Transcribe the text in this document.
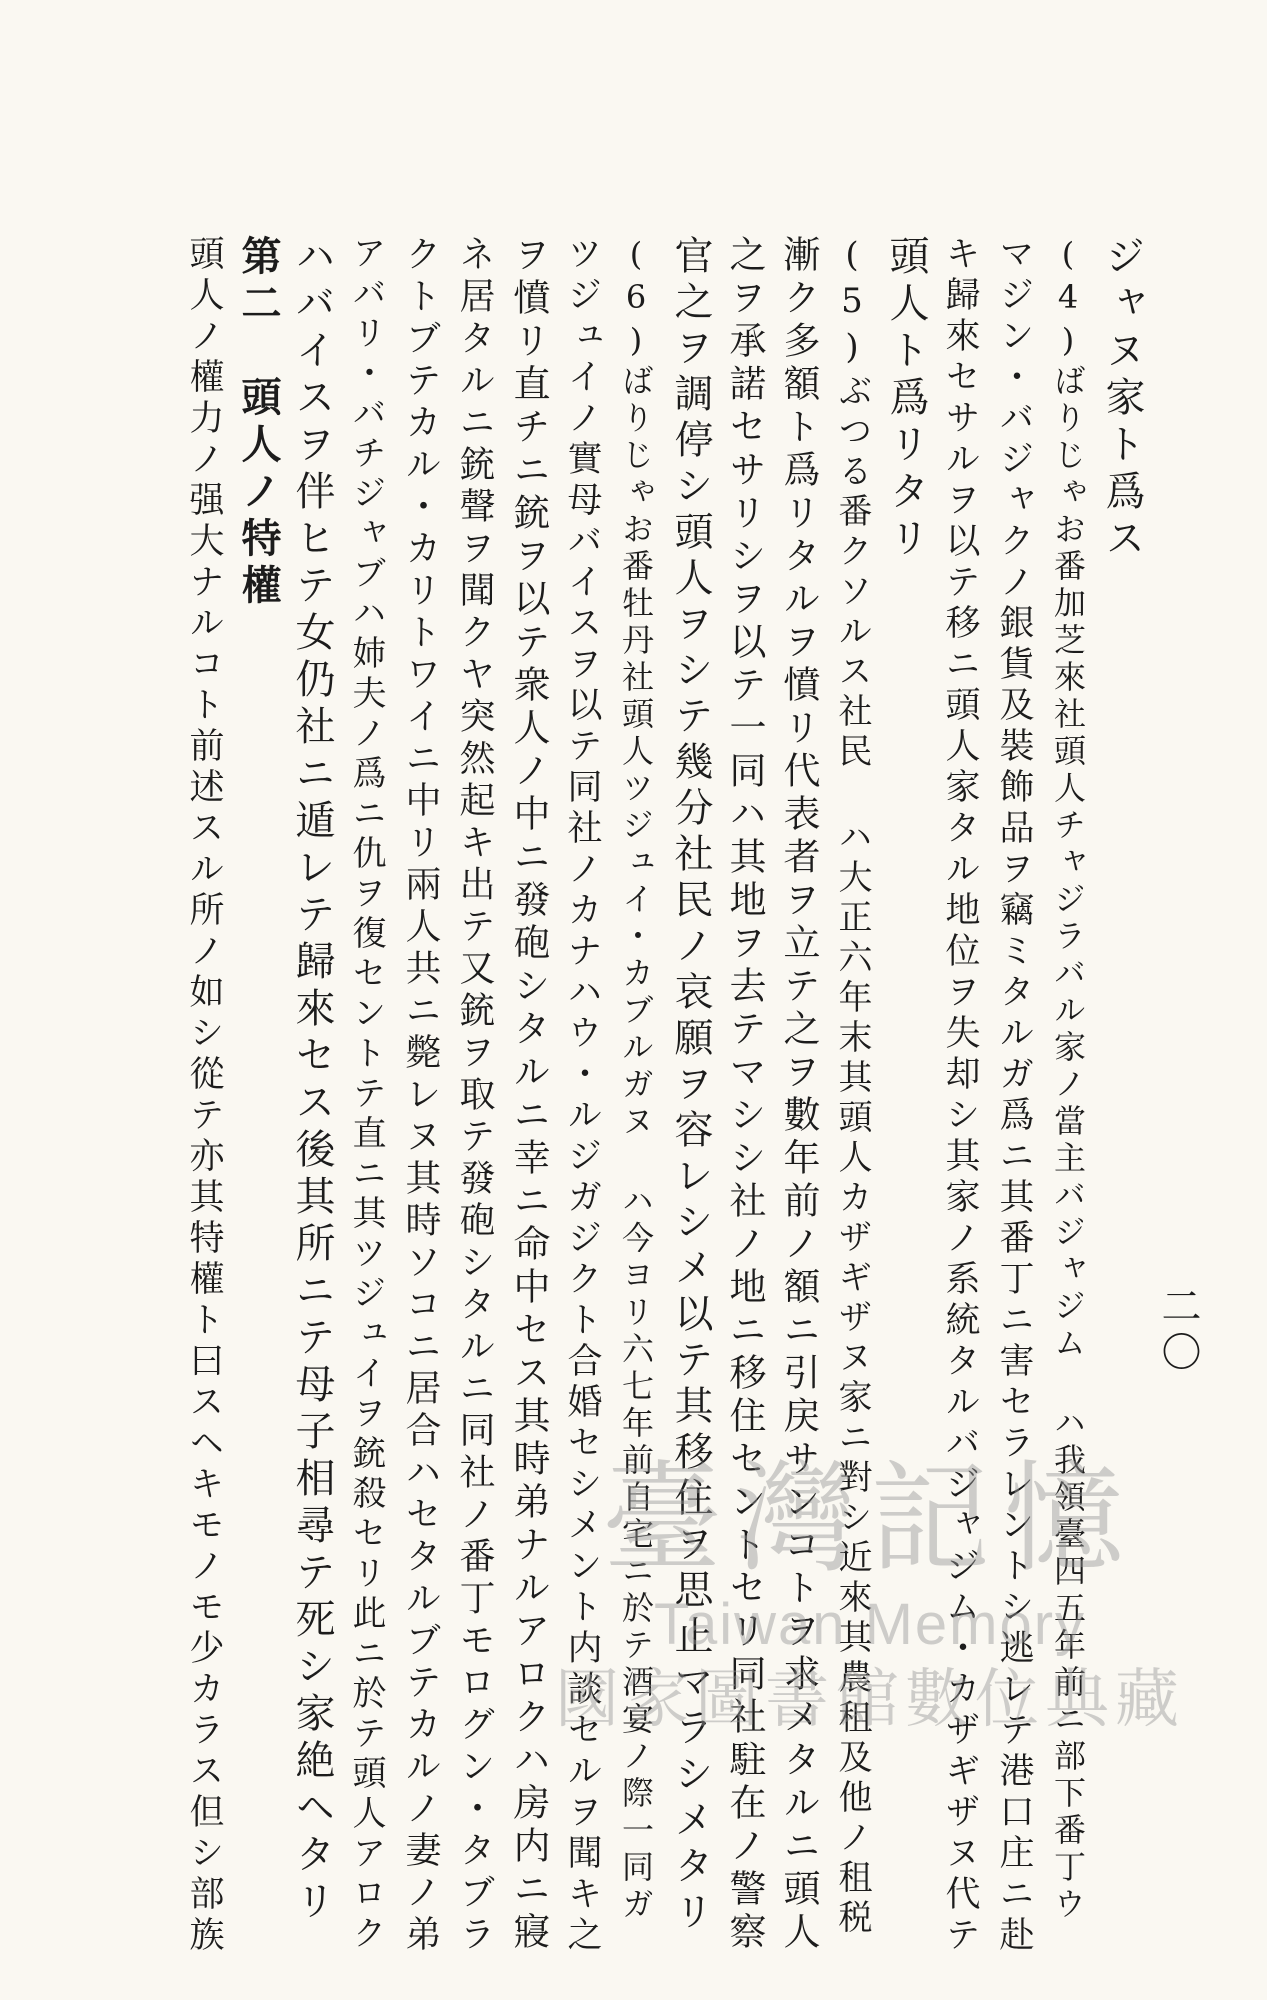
二〇
ジャヌ家ト爲ス
(4)ばりじゃお番加芝來社頭人チャジラバル家ノ當主バジャジム ハ我領臺四五年前ニ部下番丁ウ
マジン・バジャクノ銀貨及裝飾品ヲ竊ミタルガ爲ニ其番丁ニ害セラレントシ逃レテ港口庄ニ赴
キ歸來セサルヲ以テ移ニ頭人家タル地位ヲ失却シ其家ノ系統タルバジャジム・カザギザヌ代テ
頭人ト爲リタリ
(5)ぶつる番クソルス社民 ハ大正六年末其頭人カザギザヌ家ニ對シ近來其農租及他ノ租税
漸ク多額ト爲リタルヲ憤リ代表者ヲ立テ之ヲ數年前ノ額ニ引戻サンコトヲ求メタルニ頭人
之ヲ承諾セサリシヲ以テ一同ハ其地ヲ去テマシシ社ノ地ニ移住セントセリ同社駐在ノ警察
官之ヲ調停シ頭人ヲシテ幾分社民ノ哀願ヲ容レシメ以テ其移住ヲ思止マラシメタリ
(6)ばりじゃお番牡丹社頭人ツジュイ・カブルガヌ ハ今ヨリ六七年前自宅ニ於テ酒宴ノ際一同ガ
ツジュイノ實母バイスヲ以テ同社ノカナハウ・ルジガジクト合婚セシメント内談セルヲ聞キ之
ヲ憤リ直チニ銃ヲ以テ衆人ノ中ニ發砲シタルニ幸ニ命中セス其時弟ナルアロクハ房内ニ寢
ネ居タルニ銃聲ヲ聞クヤ突然起キ出テ又銃ヲ取テ發砲シタルニ同社ノ番丁モログン・タブラ
クトブテカル・カリトワイニ中リ兩人共ニ斃レヌ其時ソコニ居合ハセタルブテカルノ妻ノ弟
アバリ・バチジャブハ姉夫ノ爲ニ仇ヲ復セントテ直ニ其ツジュイヲ銃殺セリ此ニ於テ頭人アロク
ハバイスヲ伴ヒテ女仍社ニ遁レテ歸來セス後其所ニテ母子相尋テ死シ家絶ヘタリ
第二　頭人ノ特權
頭人ノ權力ノ强大ナルコト前述スル所ノ如シ從テ亦其特權ト曰スヘキモノモ少カラス但シ部族	臺灣記憶
Taiwan Memory
國家圖書館數位典藏
